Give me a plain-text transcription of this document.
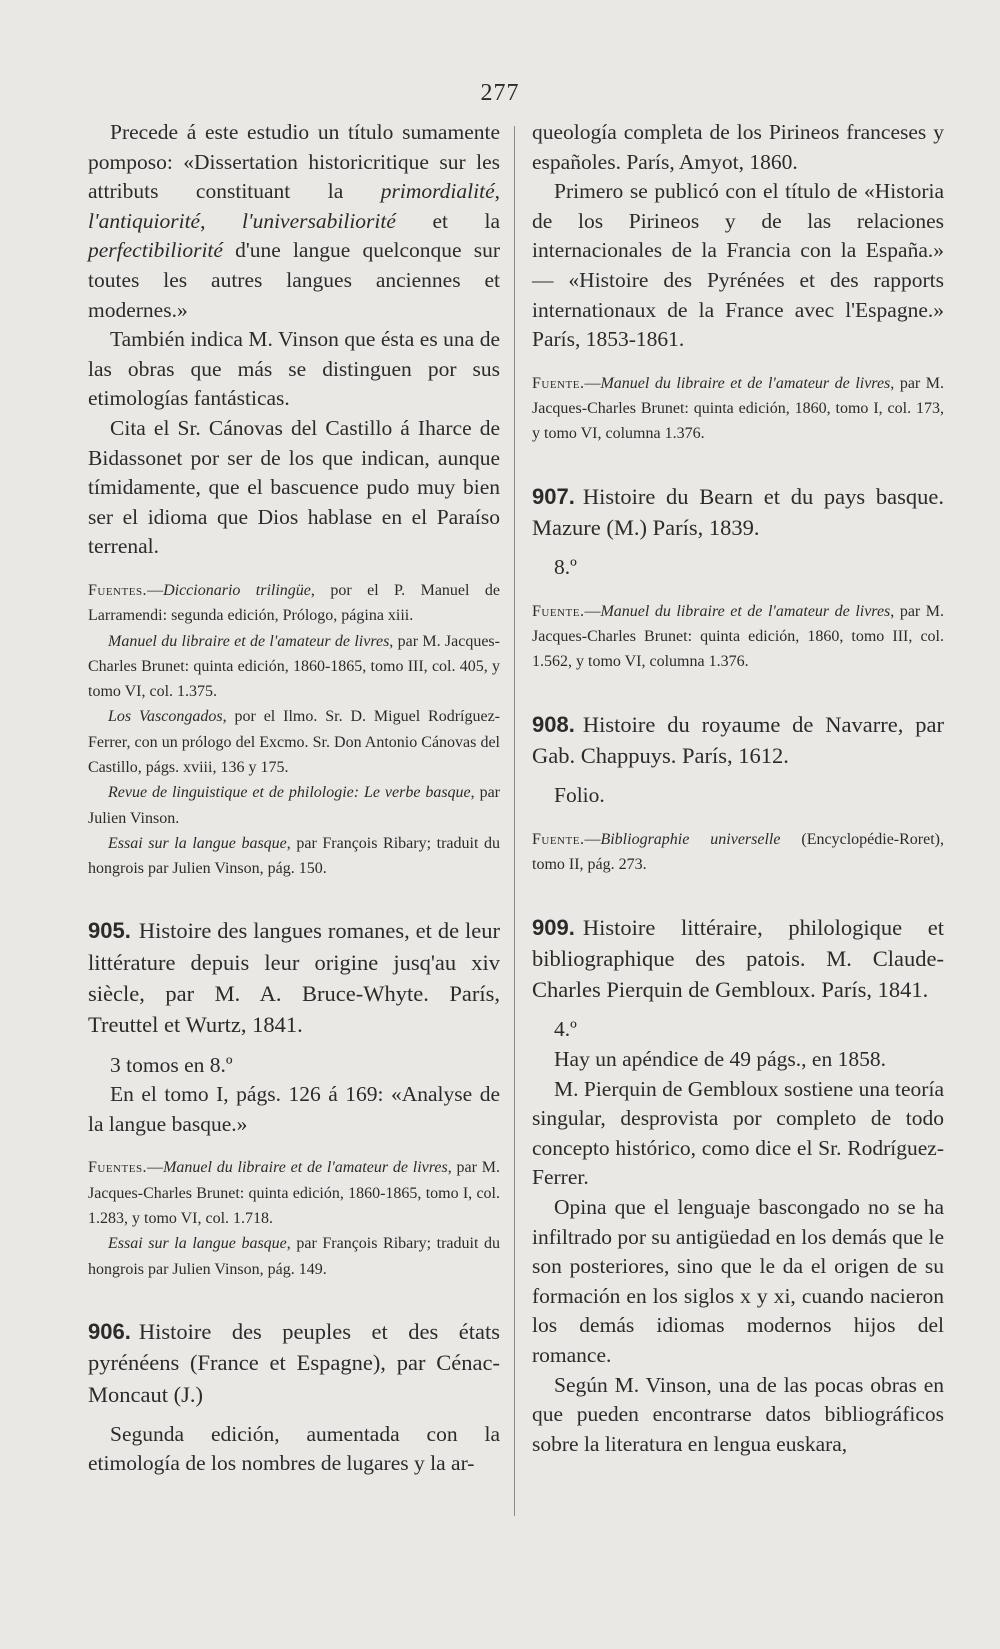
277

Precede á este estudio un título sumamente pomposo: «Dissertation historicritique sur les attributs constituant la primordialité, l'antiquiorité, l'universabiliorité et la perfectibiliorité d'une langue quelconque sur toutes les autres langues anciennes et modernes.»

También indica M. Vinson que ésta es una de las obras que más se distinguen por sus etimologías fantásticas.

Cita el Sr. Cánovas del Castillo á Iharce de Bidassonet por ser de los que indican, aunque tímidamente, que el bascuence pudo muy bien ser el idioma que Dios hablase en el Paraíso terrenal.

Fuentes.—Diccionario trilingüe, por el P. Manuel de Larramendi: segunda edición, Prólogo, página xiii.

Manuel du libraire et de l'amateur de livres, par M. Jacques-Charles Brunet: quinta edición, 1860-1865, tomo III, col. 405, y tomo VI, col. 1.375.

Los Vascongados, por el Ilmo. Sr. D. Miguel Rodríguez-Ferrer, con un prólogo del Excmo. Sr. Don Antonio Cánovas del Castillo, págs. xviii, 136 y 175.

Revue de linguistique et de philologie: Le verbe basque, par Julien Vinson.

Essai sur la langue basque, par François Ribary; traduit du hongrois par Julien Vinson, pág. 150.

905. Histoire des langues romanes, et de leur littérature depuis leur origine jusq'au xiv siècle, par M. A. Bruce-Whyte. París, Treuttel et Wurtz, 1841.

3 tomos en 8.º

En el tomo I, págs. 126 á 169: «Analyse de la langue basque.»

Fuentes.—Manuel du libraire et de l'amateur de livres, par M. Jacques-Charles Brunet: quinta edición, 1860-1865, tomo I, col. 1.283, y tomo VI, col. 1.718.

Essai sur la langue basque, par François Ribary; traduit du hongrois par Julien Vinson, pág. 149.

906. Histoire des peuples et des états pyrénéens (France et Espagne), par Cénac-Moncaut (J.)

Segunda edición, aumentada con la etimología de los nombres de lugares y la ar-

queología completa de los Pirineos franceses y españoles. París, Amyot, 1860.

Primero se publicó con el título de «Historia de los Pirineos y de las relaciones internacionales de la Francia con la España.» — «Histoire des Pyrénées et des rapports internationaux de la France avec l'Espagne.» París, 1853-1861.

Fuente.—Manuel du libraire et de l'amateur de livres, par M. Jacques-Charles Brunet: quinta edición, 1860, tomo I, col. 173, y tomo VI, columna 1.376.

907. Histoire du Bearn et du pays basque. Mazure (M.) París, 1839.

8.º

Fuente.—Manuel du libraire et de l'amateur de livres, par M. Jacques-Charles Brunet: quinta edición, 1860, tomo III, col. 1.562, y tomo VI, columna 1.376.

908. Histoire du royaume de Navarre, par Gab. Chappuys. París, 1612.

Folio.

Fuente.—Bibliographie universelle (Encyclopédie-Roret), tomo II, pág. 273.

909. Histoire littéraire, philologique et bibliographique des patois. M. Claude-Charles Pierquin de Gembloux. París, 1841.

4.º

Hay un apéndice de 49 págs., en 1858.

M. Pierquin de Gembloux sostiene una teoría singular, desprovista por completo de todo concepto histórico, como dice el Sr. Rodríguez-Ferrer.

Opina que el lenguaje bascongado no se ha infiltrado por su antigüedad en los demás que le son posteriores, sino que le da el origen de su formación en los siglos x y xi, cuando nacieron los demás idiomas modernos hijos del romance.

Según M. Vinson, una de las pocas obras en que pueden encontrarse datos bibliográficos sobre la literatura en lengua euskara,
